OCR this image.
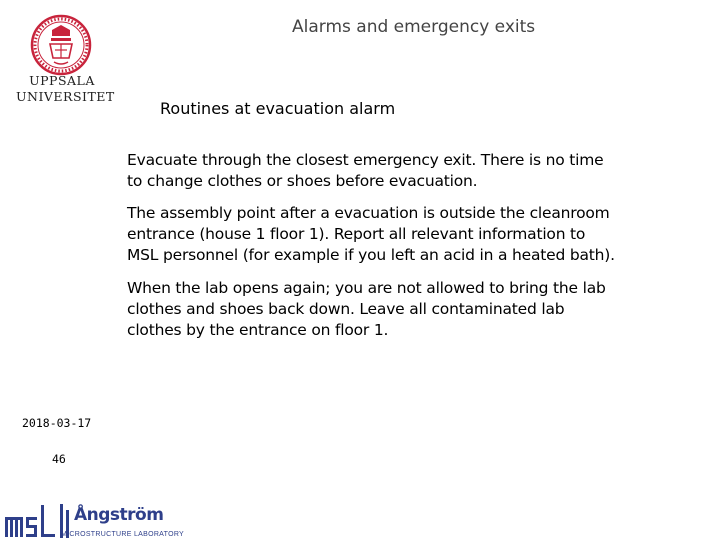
UPPSALA
UNIVERSITET
Alarms and emergency exits
Routines at evacuation alarm

Evacuate through the closest emergency exit. There is no time
to change clothes or shoes before evacuation.

The assembly point after a evacuation is outside the cleanroom
entrance (house 1 floor 1). Report all relevant information to
MSL personnel (for example if you left an acid in a heated bath).

When the lab opens again; you are not allowed to bring the lab
clothes and shoes back down. Leave all contaminated lab
clothes by the entrance on floor 1.

2018-03-17
46
Ångström
MICROSTRUCTURE LABORATORY
